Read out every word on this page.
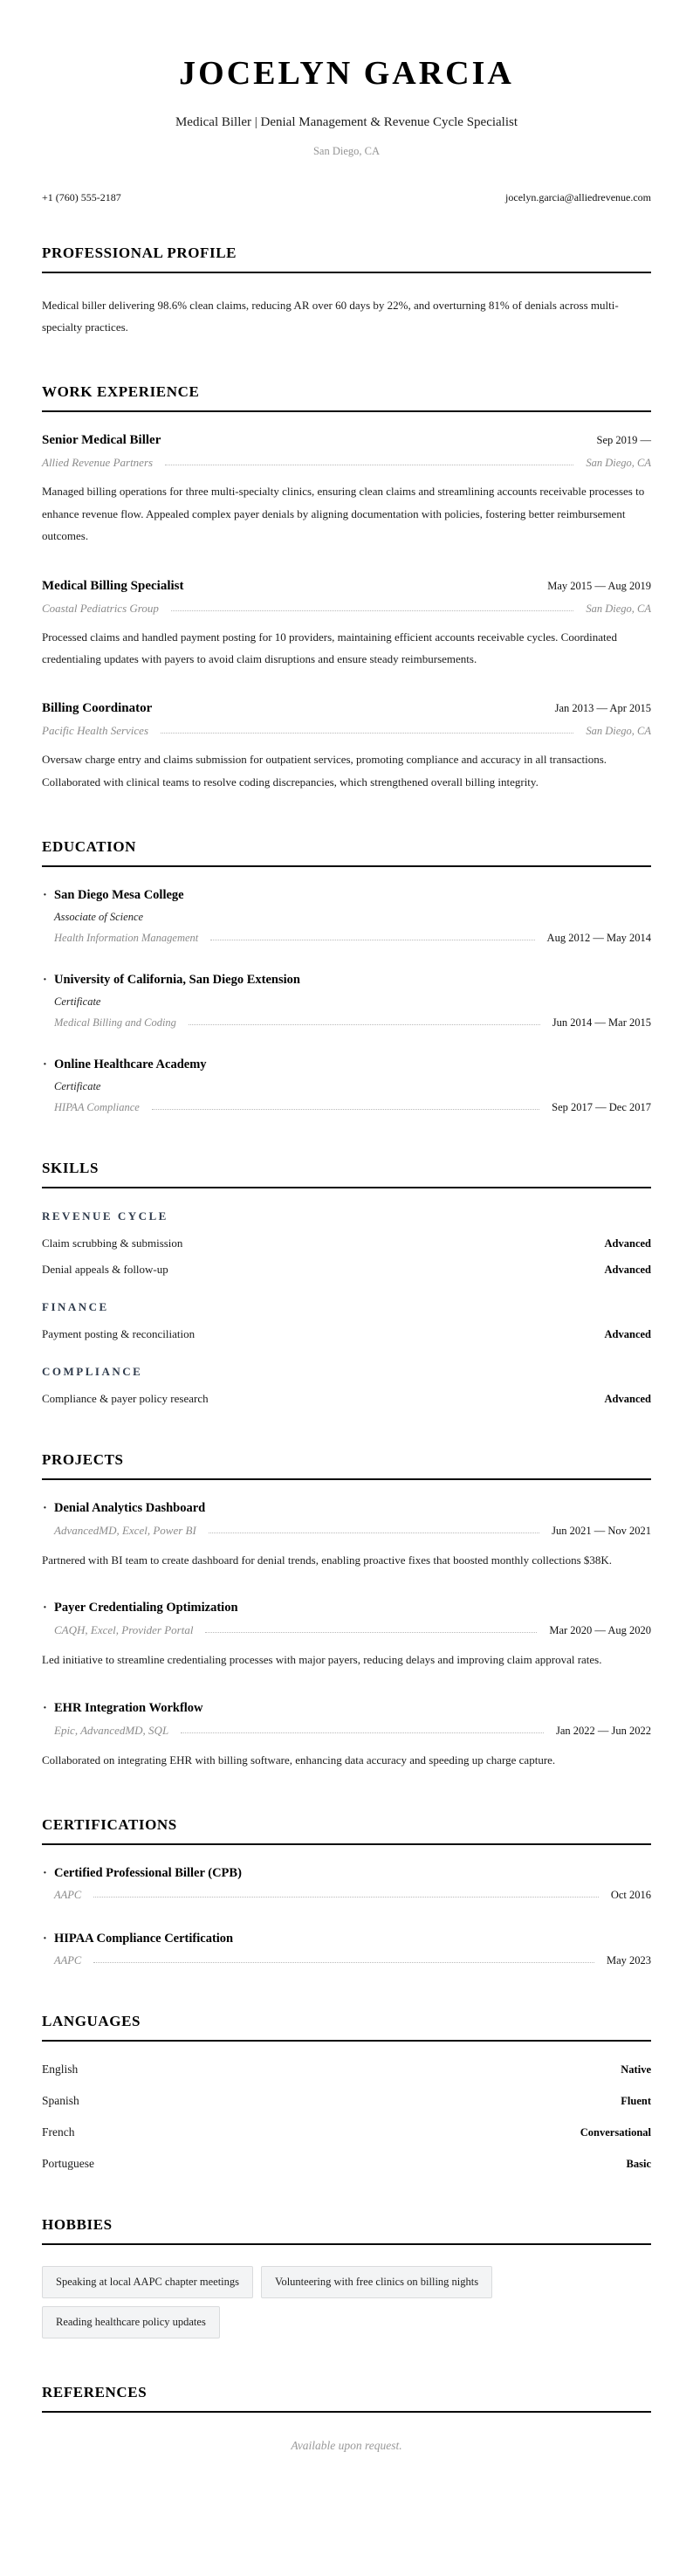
JOCELYN GARCIA

Medical Biller | Denial Management & Revenue Cycle Specialist

San Diego, CA

+1 (760) 555-2187	jocelyn.garcia@alliedrevenue.com
PROFESSIONAL PROFILE

Medical biller delivering 98.6% clean claims, reducing AR over 60 days by 22%, and overturning 81% of denials across multi-specialty practices.

WORK EXPERIENCE
Senior Medical Biller	Sep 2019 —
Allied Revenue Partners	San Diego, CA

Managed billing operations for three multi-specialty clinics, ensuring clean claims and streamlining accounts receivable processes to enhance revenue flow. Appealed complex payer denials by aligning documentation with policies, fostering better reimbursement outcomes.

Medical Billing Specialist	May 2015 — Aug 2019
Coastal Pediatrics Group	San Diego, CA

Processed claims and handled payment posting for 10 providers, maintaining efficient accounts receivable cycles. Coordinated credentialing updates with payers to avoid claim disruptions and ensure steady reimbursements.

Billing Coordinator	Jan 2013 — Apr 2015
Pacific Health Services	San Diego, CA

Oversaw charge entry and claims submission for outpatient services, promoting compliance and accuracy in all transactions. Collaborated with clinical teams to resolve coding discrepancies, which strengthened overall billing integrity.

EDUCATION
· San Diego Mesa College
Associate of Science
Health Information Management	Aug 2012 — May 2014
· University of California, San Diego Extension
Certificate
Medical Billing and Coding	Jun 2014 — Mar 2015
· Online Healthcare Academy
Certificate
HIPAA Compliance	Sep 2017 — Dec 2017
SKILLS
REVENUE CYCLE
Claim scrubbing & submission	Advanced
Denial appeals & follow-up	Advanced
FINANCE
Payment posting & reconciliation	Advanced
COMPLIANCE
Compliance & payer policy research	Advanced
PROJECTS
· Denial Analytics Dashboard
AdvancedMD, Excel, Power BI	Jun 2021 — Nov 2021

Partnered with BI team to create dashboard for denial trends, enabling proactive fixes that boosted monthly collections $38K.

· Payer Credentialing Optimization
CAQH, Excel, Provider Portal	Mar 2020 — Aug 2020

Led initiative to streamline credentialing processes with major payers, reducing delays and improving claim approval rates.

· EHR Integration Workflow
Epic, AdvancedMD, SQL	Jan 2022 — Jun 2022

Collaborated on integrating EHR with billing software, enhancing data accuracy and speeding up charge capture.

CERTIFICATIONS
· Certified Professional Biller (CPB)
AAPC	Oct 2016
· HIPAA Compliance Certification
AAPC	May 2023
LANGUAGES
English	Native
Spanish	Fluent
French	Conversational
Portuguese	Basic
HOBBIES
Speaking at local AAPC chapter meetings	Volunteering with free clinics on billing nights
Reading healthcare policy updates
REFERENCES

Available upon request.
